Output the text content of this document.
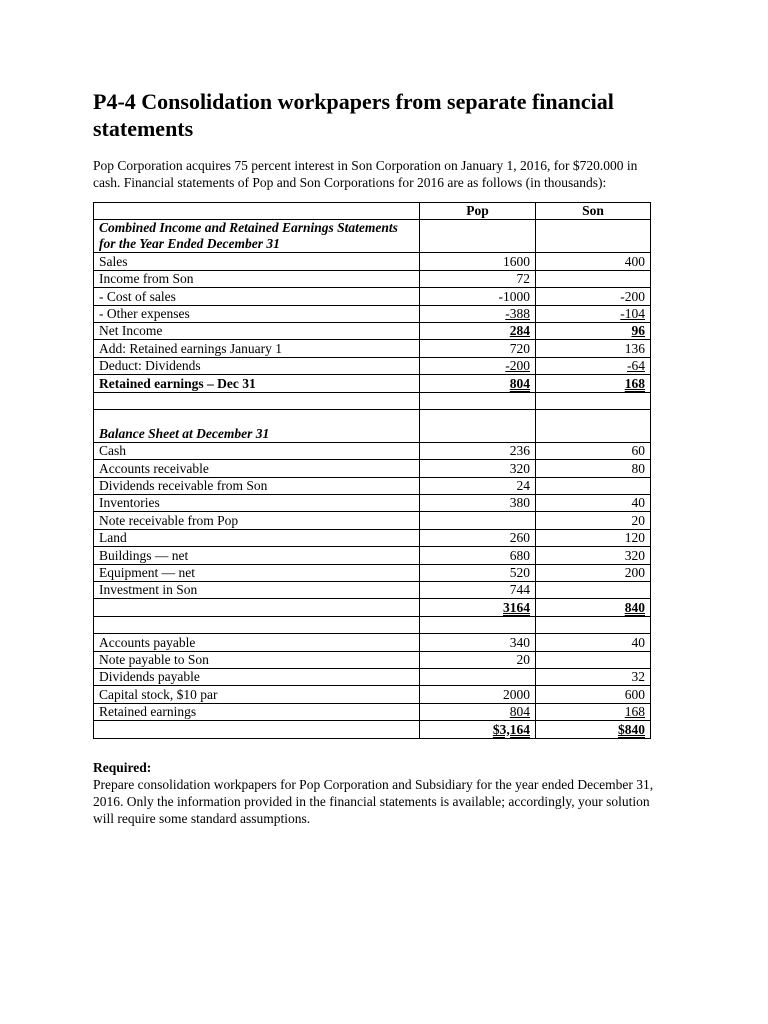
P4-4 Consolidation workpapers from separate financial statements

Pop Corporation acquires 75 percent interest in Son Corporation on January 1, 2016, for $720.000 in cash. Financial statements of Pop and Son Corporations for 2016 are as follows (in thousands):

	Pop	Son
Combined Income and Retained Earnings Statements for the Year Ended December 31		
Sales	1600	400
Income from Son	72	
- Cost of sales	-1000	-200
- Other expenses	-388	-104
Net Income	284	96
Add: Retained earnings January 1	720	136
Deduct: Dividends	-200	-64
Retained earnings – Dec 31	804	168

Balance Sheet at December 31		
Cash	236	60
Accounts receivable	320	80
Dividends receivable from Son	24	
Inventories	380	40
Note receivable from Pop		20
Land	260	120
Buildings — net	680	320
Equipment — net	520	200
Investment in Son	744	
	3164	840

Accounts payable	340	40
Note payable to Son	20	
Dividends payable		32
Capital stock, $10 par	2000	600
Retained earnings	804	168
	$3,164	$840
Required:

Prepare consolidation workpapers for Pop Corporation and Subsidiary for the year ended December 31, 2016. Only the information provided in the financial statements is available; accordingly, your solution will require some standard assumptions.
